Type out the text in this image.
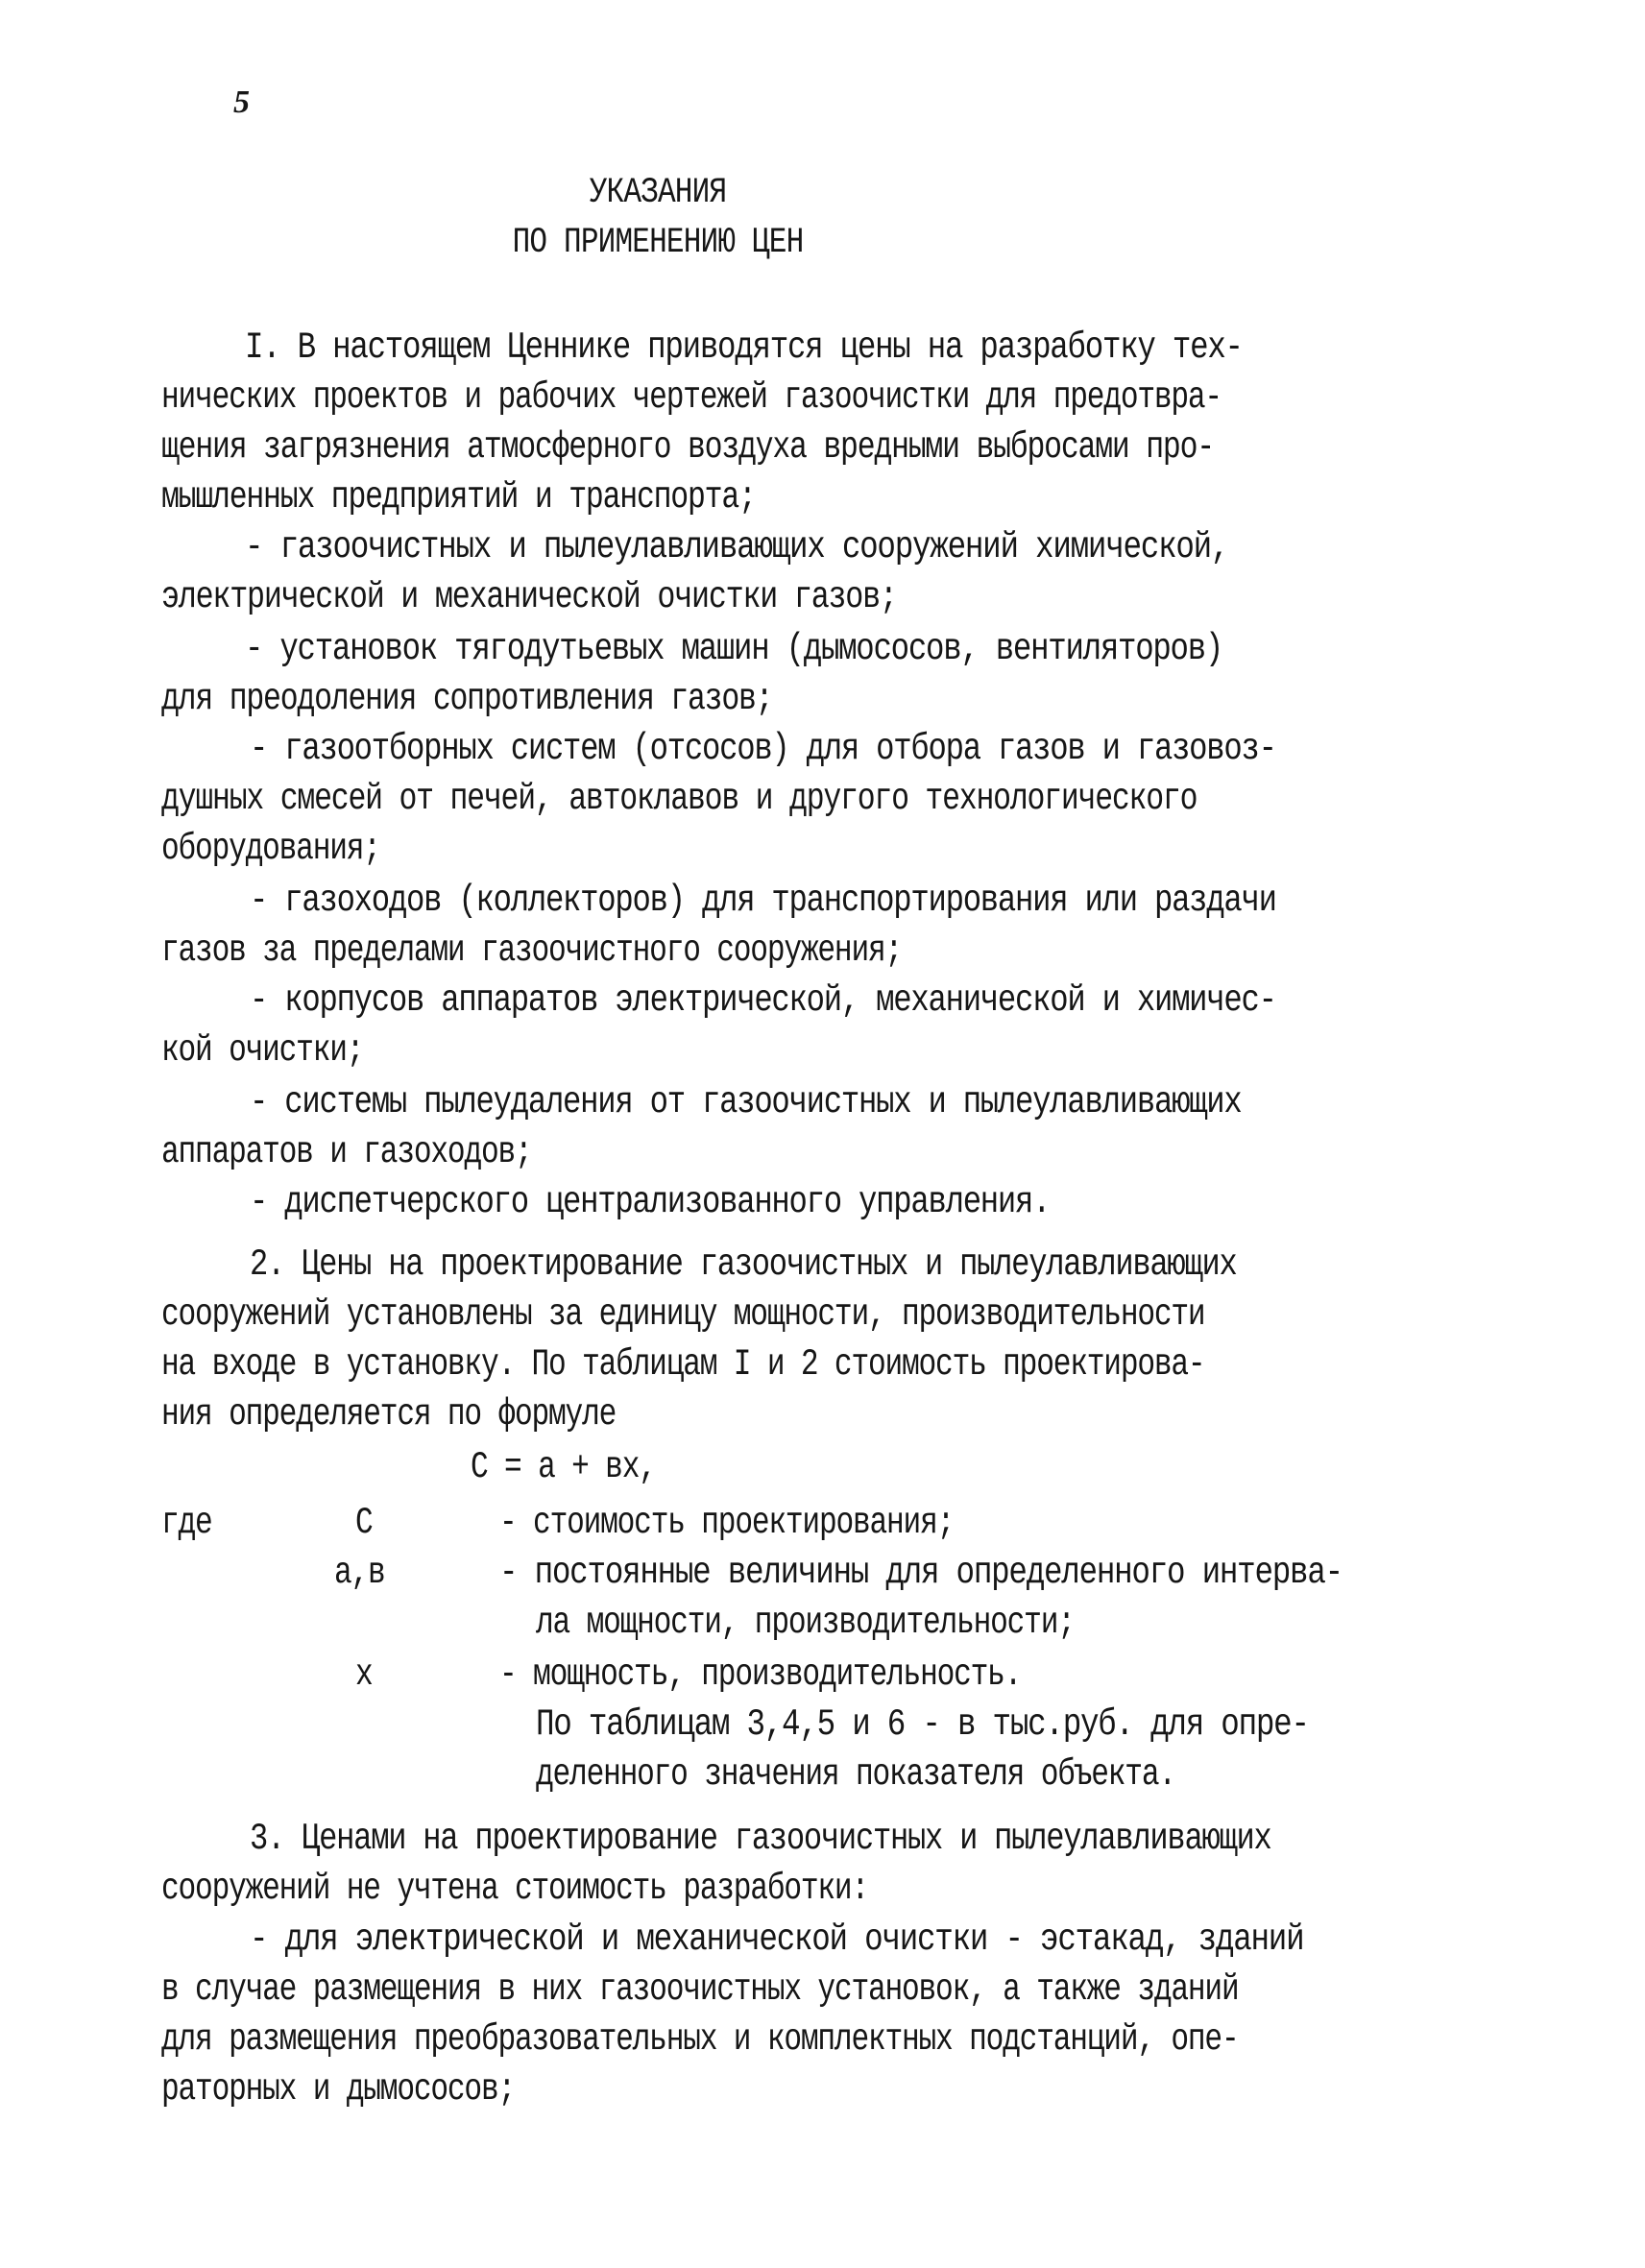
5
УКАЗАНИЯ
ПО ПРИМЕНЕНИЮ ЦЕН
I. В настоящем Ценнике приводятся цены на разработку тех-
нических проектов и рабочих чертежей газоочистки для предотвра-
щения загрязнения атмосферного воздуха вредными выбросами про-
мышленных предприятий и транспорта;
- газоочистных и пылеулавливающих сооружений химической,
электрической и механической очистки газов;
- установок тягодутьевых машин (дымососов, вентиляторов)
для преодоления сопротивления газов;
- газоотборных систем (отсосов) для отбора газов и газовоз-
душных смесей от печей, автоклавов и другого технологического
оборудования;
- газоходов (коллекторов) для транспортирования или раздачи
газов за пределами газоочистного сооружения;
- корпусов аппаратов электрической, механической и химичес-
кой очистки;
- системы пылеудаления от газоочистных и пылеулавливающих
аппаратов и газоходов;
- диспетчерского централизованного управления.
2. Цены на проектирование газоочистных и пылеулавливающих
сооружений установлены за единицу мощности, производительности
на входе в установку. По таблицам I и 2 стоимость проектирова-
ния определяется по формуле
С = а + вх,
где	С	- стоимость проектирования;
а,в	- постоянные величины для определенного интерва-
ла мощности, производительности;
х	- мощность, производительность.
По таблицам 3,4,5 и 6 - в тыс.руб. для опре-
деленного значения показателя объекта.
3. Ценами на проектирование газоочистных и пылеулавливающих
сооружений не учтена стоимость разработки:
- для электрической и механической очистки - эстакад, зданий
в случае размещения в них газоочистных установок, а также зданий
для размещения преобразовательных и комплектных подстанций, опе-
раторных и дымососов;
